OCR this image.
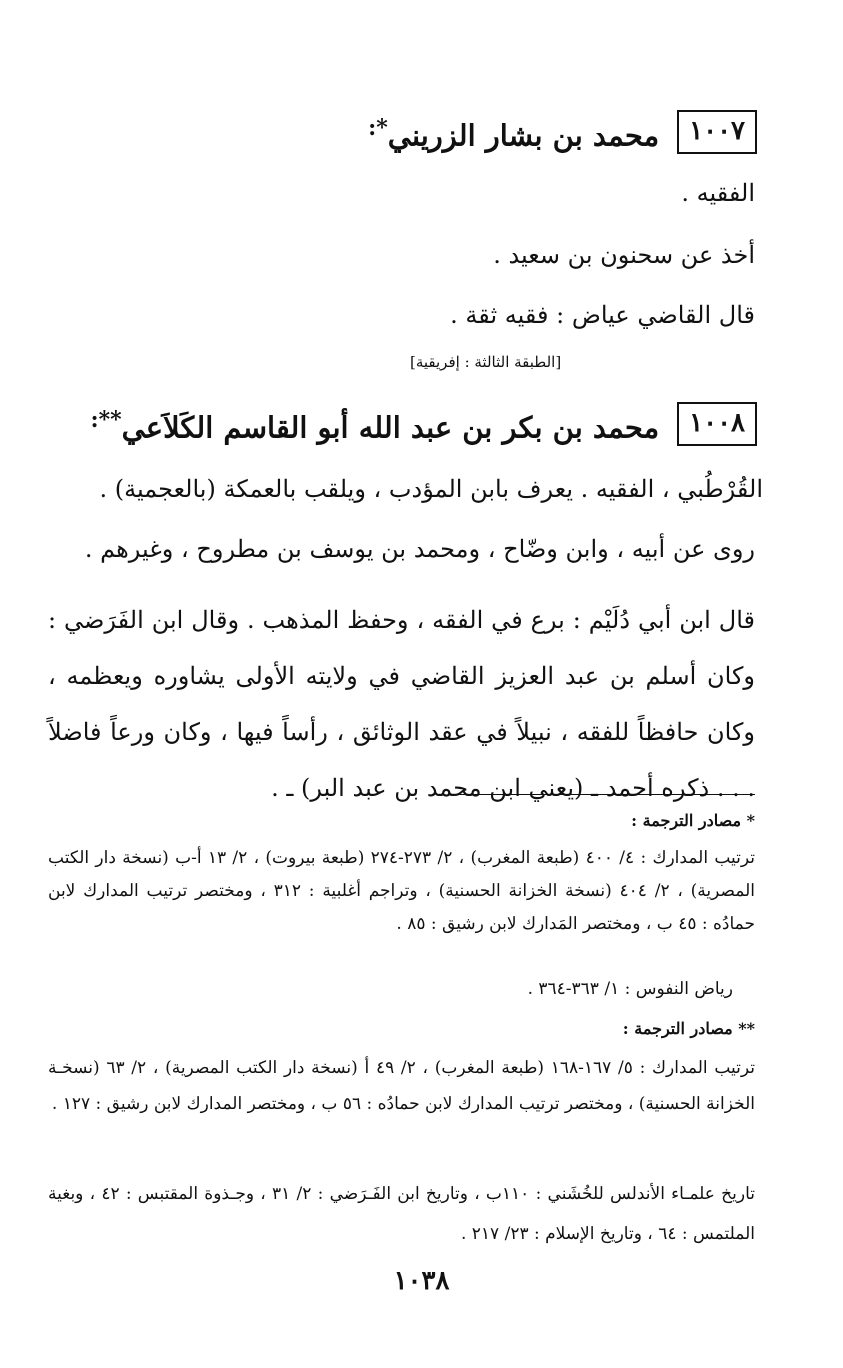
١٠٠٧
محمد بن بشار الزريني*:
الفقيه .
أخذ عن سحنون بن سعيد .
قال القاضي عياض : فقيه ثقة .
[الطبقة الثالثة : إفريقية]
١٠٠٨
محمد بن بكر بن عبد الله أبو القاسم الكَلاَعي**:
القُرْطُبي ، الفقيه . يعرف بابن المؤدب ، ويلقب بالعمكة (بالعجمية) .
روى عن أبيه ، وابن وضّاح ، ومحمد بن يوسف بن مطروح ، وغيرهم .
قال ابن أبي دُلَيْم : برع في الفقه ، وحفظ المذهب . وقال ابن الفَرَضي : وكان أسلم بن عبد العزيز القاضي في ولايته الأولى يشاوره ويعظمه ، وكان حافظاً للفقه ، نبيلاً في عقد الوثائق ، رأساً فيها ، وكان ورعاً فاضلاً . . . ذكره أحمد ـ (يعني ابن محمد بن عبد البر) ـ .
* مصادر الترجمة :
ترتيب المدارك : ٤/ ٤٠٠ (طبعة المغرب) ، ٢/ ٢٧٣-٢٧٤ (طبعة بيروت) ، ٢/ ١٣ أ-ب (نسخة دار الكتب المصرية) ، ٢/ ٤٠٤ (نسخة الخزانة الحسنية) ، وتراجم أغلبية : ٣١٢ ، ومختصر ترتيب المدارك لابن حمادُه : ٤٥ ب ، ومختصر المَدارك لابن رشيق : ٨٥ .
رياض النفوس : ١/ ٣٦٣-٣٦٤ .
** مصادر الترجمة :
ترتيب المدارك : ٥/ ١٦٧-١٦٨ (طبعة المغرب) ، ٢/ ٤٩ أ (نسخة دار الكتب المصرية) ، ٢/ ٦٣ (نسخـة الخزانة الحسنية) ، ومختصر ترتيب المدارك لابن حمادُه : ٥٦ ب ، ومختصر المدارك لابن رشيق : ١٢٧ .
تاريخ علمـاء الأندلس للخُشَني : ١١٠ب ، وتاريخ ابن الفَـرَضي : ٢/ ٣١ ، وجـذوة المقتبس : ٤٢ ، وبغية الملتمس : ٦٤ ، وتاريخ الإسلام : ٢٣/ ٢١٧ .
١٠٣٨
